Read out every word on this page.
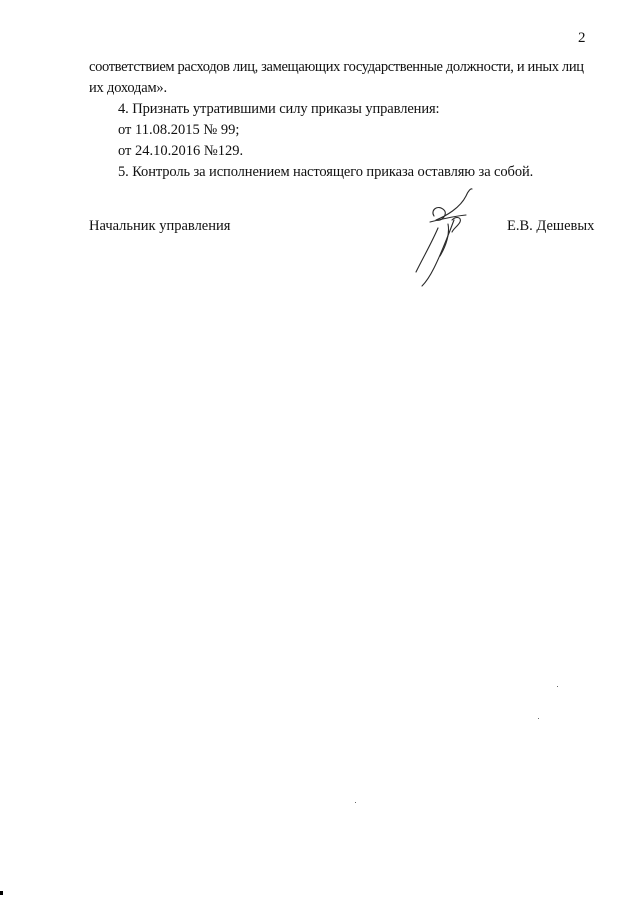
2
соответствием расходов лиц, замещающих государственные должности, и иных лиц
их доходам».
4. Признать утратившими силу приказы управления:
от 11.08.2015 № 99;
от 24.10.2016 №129.
5. Контроль за исполнением настоящего приказа оставляю за собой.
Начальник управления	Е.В. Дешевых
